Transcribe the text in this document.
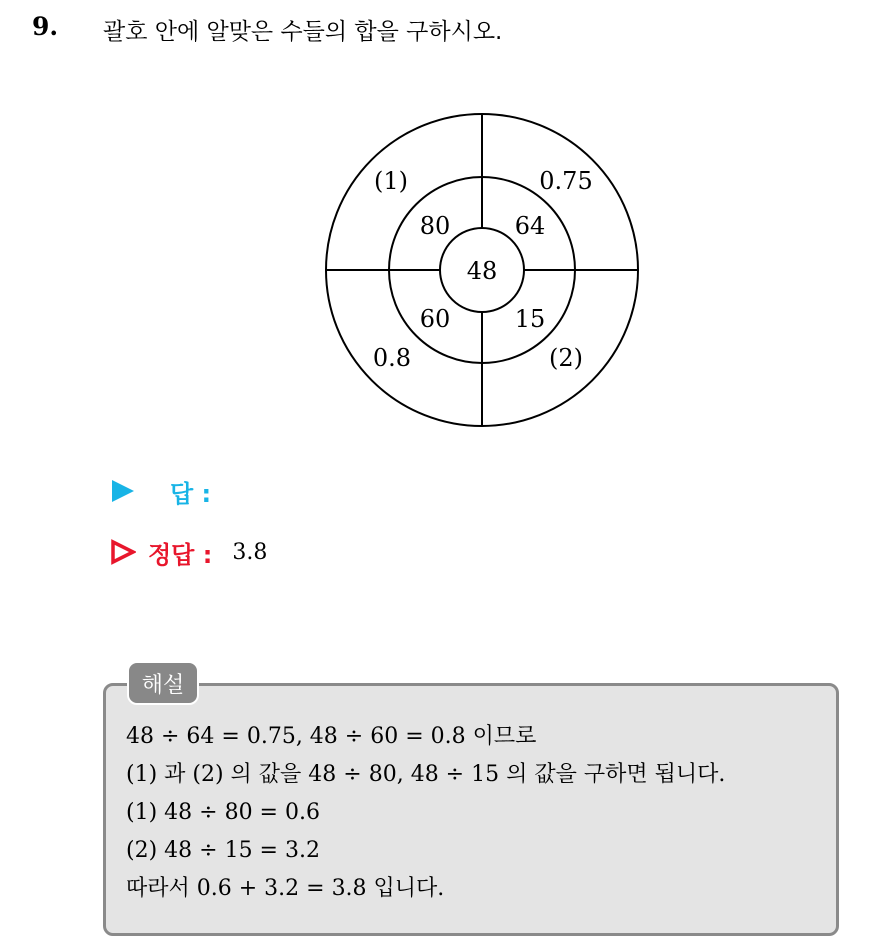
9. 괄호 안에 알맞은 수들의 합을 구하시오.
48
80	64
60	15
(1)	0.75
0.8	(2)
답 :
정답 : 3.8
해설
48 ÷ 64 = 0.75, 48 ÷ 60 = 0.8 이므로
(1) 과 (2) 의 값을 48 ÷ 80, 48 ÷ 15 의 값을 구하면 됩니다.
(1) 48 ÷ 80 = 0.6
(2) 48 ÷ 15 = 3.2
따라서 0.6 + 3.2 = 3.8 입니다.
